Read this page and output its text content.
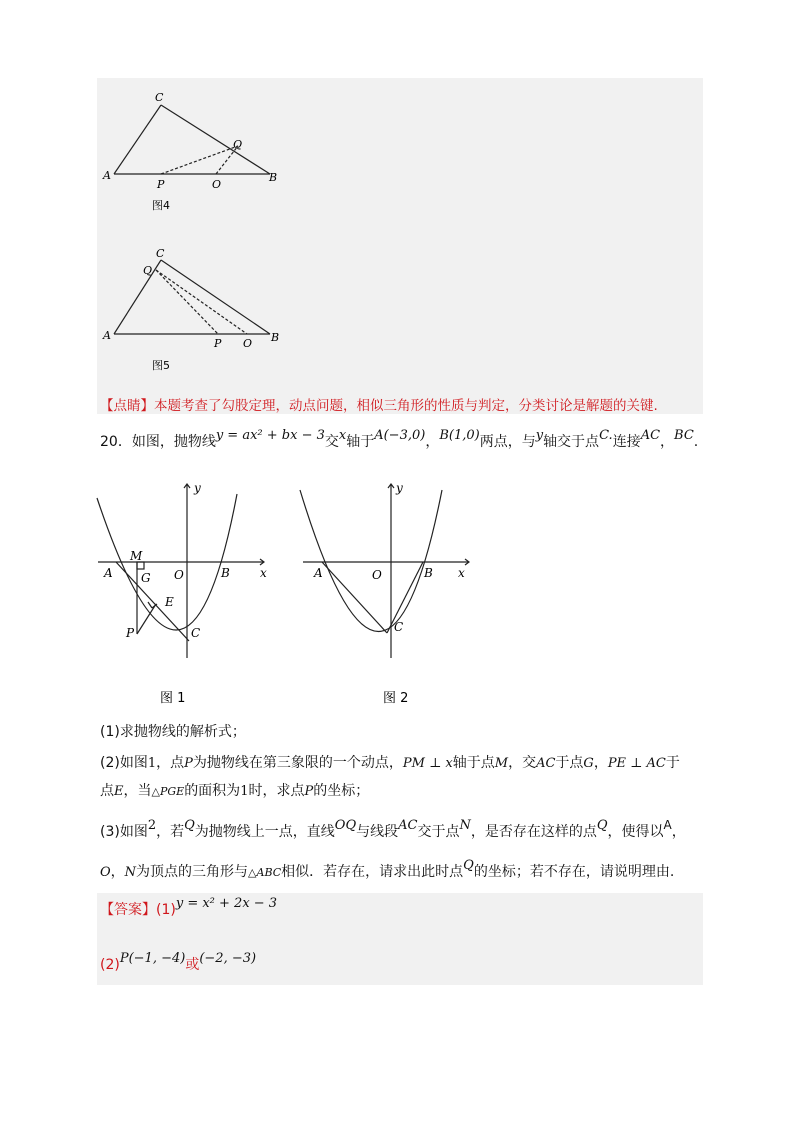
C
Q
A
P	O
B
图4
C
Q
A
P O B
图5
【点睛】本题考查了勾股定理，动点问题，相似三角形的性质与判定，分类讨论是解题的关键.
20．如图，抛物线y = ax² + bx − 3交x轴于A(−3,0)，B(1,0)两点，与y轴交于点C.连接AC，BC.
y
x
M
A G O	B
E
P	C
图 1
y
x
A	O	B
C
图 2
(1)求抛物线的解析式；
(2)如图1，点P为抛物线在第三象限的一个动点，PM ⊥ x轴于点M，交AC于点G，PE ⊥ AC于
点E，当△PGE的面积为1时，求点P的坐标；
(3)如图2，若Q为抛物线上一点，直线OQ与线段AC交于点N，是否存在这样的点Q，使得以A，
O，N为顶点的三角形与△ABC相似．若存在，请求出此时点Q的坐标；若不存在，请说明理由.
【答案】(1)y = x² + 2x − 3
(2)P(−1, −4)或(−2, −3)
